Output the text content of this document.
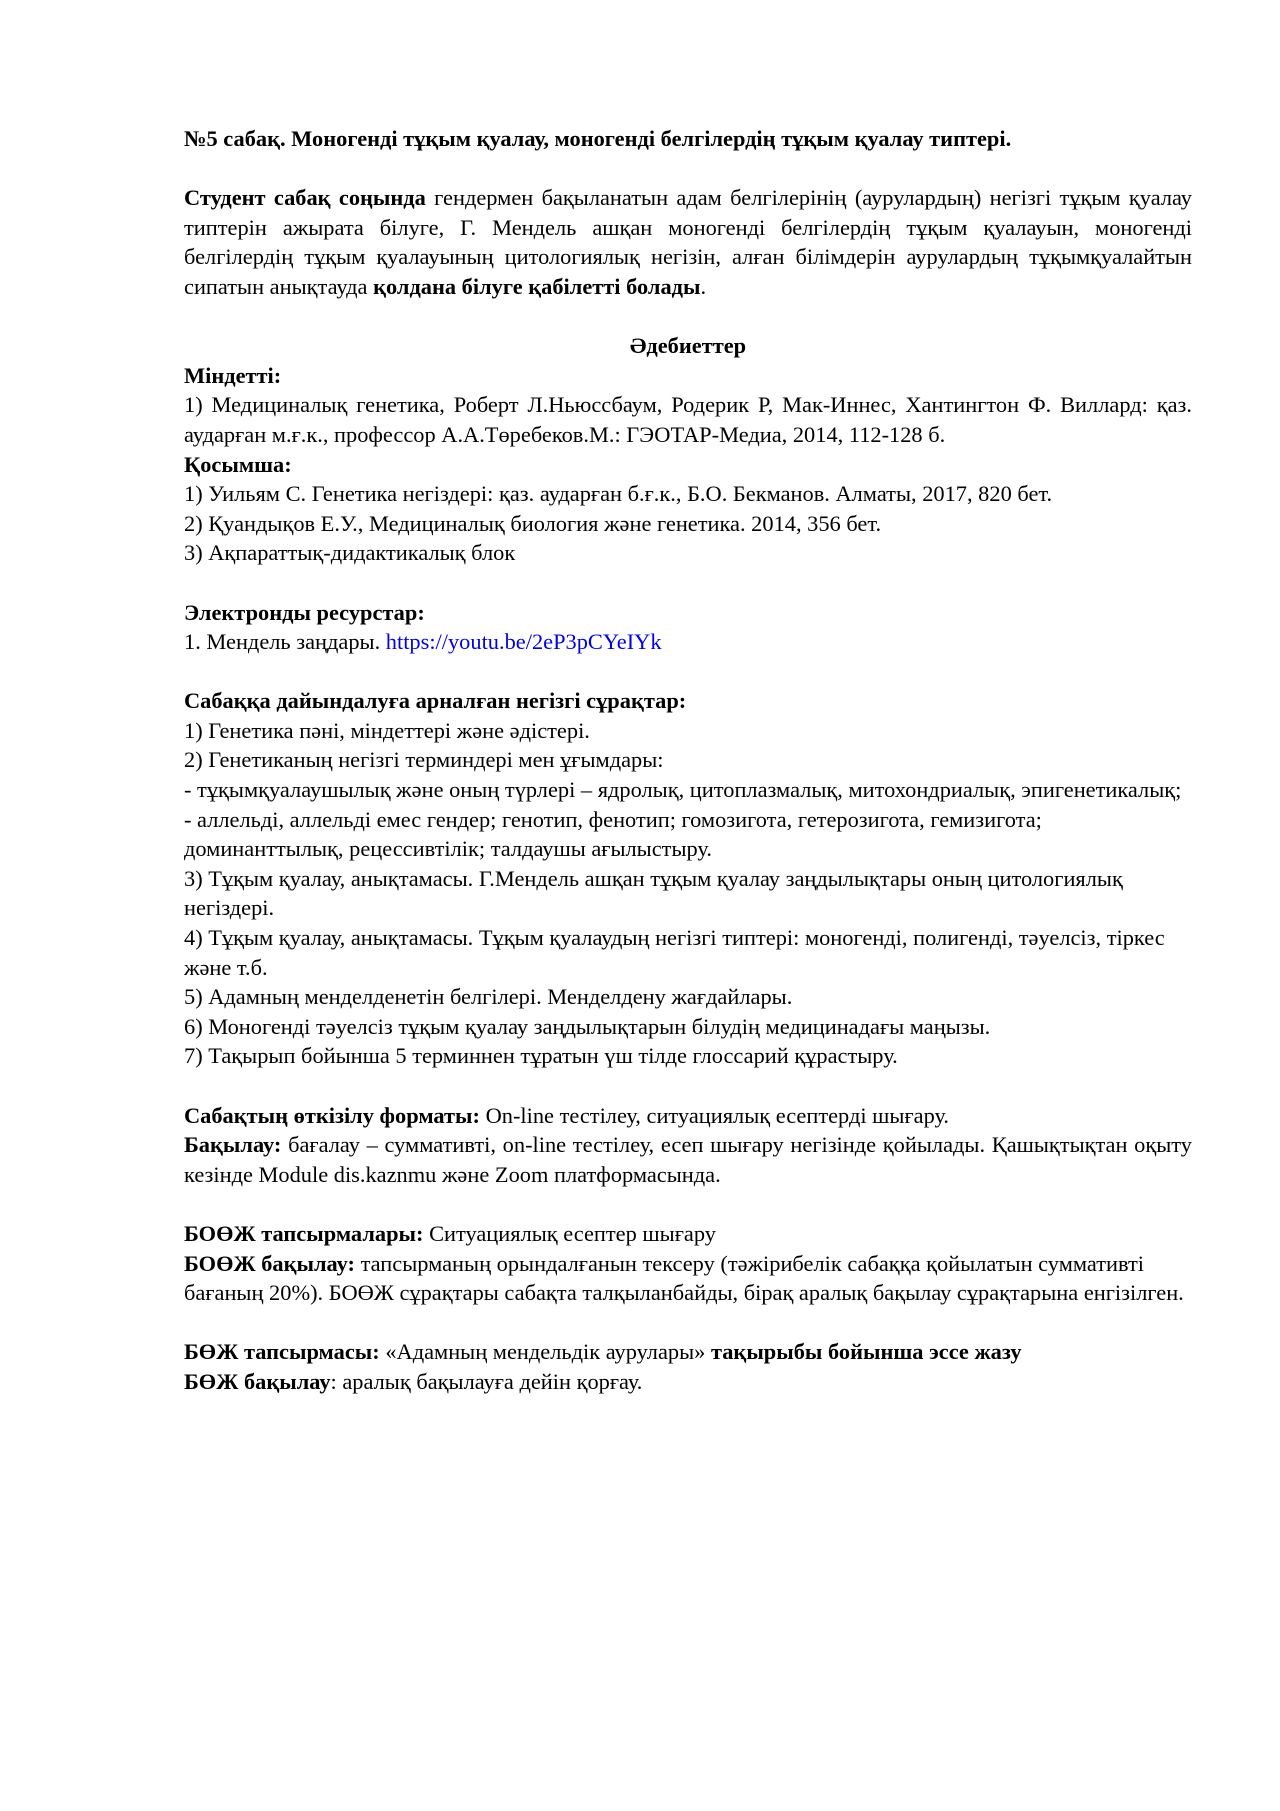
№5 сабақ. Моногенді тұқым қуалау, моногенді белгілердің тұқым қуалау типтері.

Студент сабақ соңында гендермен бақыланатын адам белгілерінің (аурулардың) негізгі тұқым қуалау типтерін ажырата білуге, Г. Мендель ашқан моногенді белгілердің тұқым қуалауын, моногенді белгілердің тұқым қуалауының цитологиялық негізін, алған білімдерін аурулардың тұқымқуалайтын сипатын анықтауда қолдана білуге қабілетті болады.

Әдебиеттер

Міндетті:

1) Медициналық генетика, Роберт Л.Ньюссбаум, Родерик Р, Мак-Иннес, Хантингтон Ф. Виллард: қаз. аударған м.ғ.к., профессор А.А.Төребеков.М.: ГЭОТАР-Медиа, 2014, 112-128 б.

Қосымша:

1) Уильям С. Генетика негіздері: қаз. аударған б.ғ.к., Б.О. Бекманов. Алматы, 2017, 820 бет.

2) Қуандықов Е.У., Медициналық биология және генетика. 2014, 356 бет.

3) Ақпараттық-дидактикалық блок

Электронды ресурстар:

1. Мендель заңдары. https://youtu.be/2eP3pCYeIYk

Сабаққа дайындалуға арналған негізгі сұрақтар:

1) Генетика пәні, міндеттері және әдістері.

2) Генетиканың негізгі терминдері мен ұғымдары:

- тұқымқуалаушылық және оның түрлері – ядролық, цитоплазмалық, митохондриалық, эпигенетикалық;

- аллельді, аллельді емес гендер; генотип, фенотип; гомозигота, гетерозигота, гемизигота; доминанттылық, рецессивтілік; талдаушы ағылыстыру.

3) Тұқым қуалау, анықтамасы. Г.Мендель ашқан тұқым қуалау заңдылықтары оның цитологиялық негіздері.

4) Тұқым қуалау, анықтамасы. Тұқым қуалаудың негізгі типтері: моногенді, полигенді, тәуелсіз, тіркес және т.б.

5) Адамның менделденетін белгілері. Менделдену жағдайлары.

6) Моногенді тәуелсіз тұқым қуалау заңдылықтарын білудің медицинадағы маңызы.

7) Тақырып бойынша 5 терминнен тұратын үш тілде глоссарий құрастыру.

Сабақтың өткізілу форматы: On-line тестілеу, ситуациялық есептерді шығару.

Бақылау: бағалау – суммативті, on-line тестілеу, есеп шығару негізінде қойылады. Қашықтықтан оқыту кезінде Module dis.kaznmu және Zoom платформасында.

БОӨЖ тапсырмалары: Ситуациялық есептер шығару

БОӨЖ бақылау: тапсырманың орындалғанын тексеру (тәжірибелік сабаққа қойылатын суммативті бағаның 20%). БОӨЖ сұрақтары сабақта талқыланбайды, бірақ аралық бақылау сұрақтарына енгізілген.

БӨЖ тапсырмасы: «Адамның мендельдік аурулары» тақырыбы бойынша эссе жазу

БӨЖ бақылау: аралық бақылауға дейін қорғау.
